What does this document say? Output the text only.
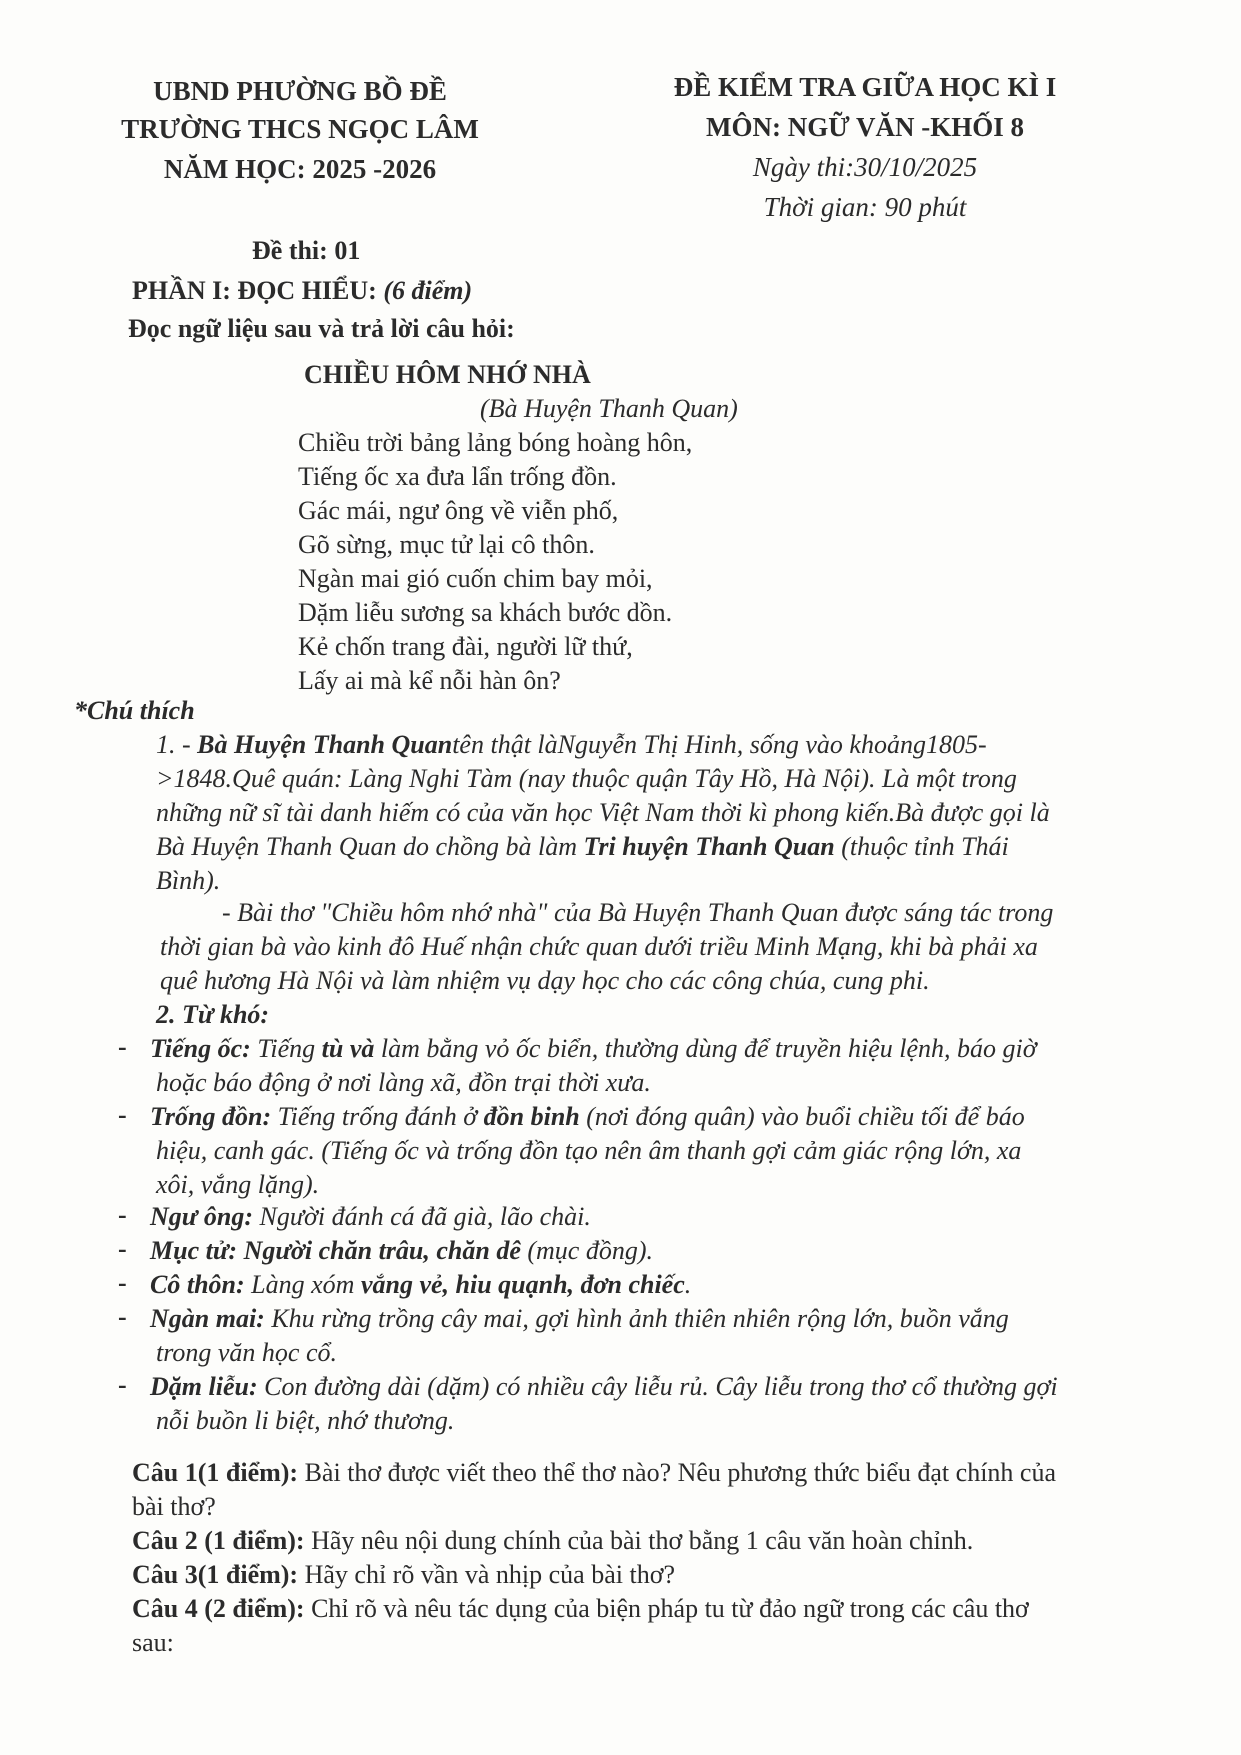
UBND PHƯỜNG BỒ ĐỀ
TRƯỜNG THCS NGỌC LÂM
NĂM HỌC: 2025 -2026
ĐỀ KIỂM TRA GIỮA HỌC KÌ I
MÔN: NGỮ VĂN -KHỐI 8
Ngày thi:30/10/2025
Thời gian: 90 phút
Đề thi: 01
PHẦN I: ĐỌC HIỂU: (6 điểm)
Đọc ngữ liệu sau và trả lời câu hỏi:
CHIỀU HÔM NHỚ NHÀ
(Bà Huyện Thanh Quan)
Chiều trời bảng lảng bóng hoàng hôn,
Tiếng ốc xa đưa lẩn trống đồn.
Gác mái, ngư ông về viễn phố,
Gõ sừng, mục tử lại cô thôn.
Ngàn mai gió cuốn chim bay mỏi,
Dặm liễu sương sa khách bước dồn.
Kẻ chốn trang đài, người lữ thứ,
Lấy ai mà kể nỗi hàn ôn?
*Chú thích
1. - Bà Huyện Thanh Quantên thật làNguyễn Thị Hinh, sống vào khoảng1805-
>1848.Quê quán: Làng Nghi Tàm (nay thuộc quận Tây Hồ, Hà Nội). Là một trong
những nữ sĩ tài danh hiếm có của văn học Việt Nam thời kì phong kiến.Bà được gọi là
Bà Huyện Thanh Quan do chồng bà làm Tri huyện Thanh Quan (thuộc tỉnh Thái
Bình).
- Bài thơ "Chiều hôm nhớ nhà" của Bà Huyện Thanh Quan được sáng tác trong
thời gian bà vào kinh đô Huế nhận chức quan dưới triều Minh Mạng, khi bà phải xa
quê hương Hà Nội và làm nhiệm vụ dạy học cho các công chúa, cung phi.
2. Từ khó:
- Tiếng ốc: Tiếng tù và làm bằng vỏ ốc biển, thường dùng để truyền hiệu lệnh, báo giờ
hoặc báo động ở nơi làng xã, đồn trại thời xưa.
- Trống đồn: Tiếng trống đánh ở đồn binh (nơi đóng quân) vào buổi chiều tối để báo
hiệu, canh gác. (Tiếng ốc và trống đồn tạo nên âm thanh gợi cảm giác rộng lớn, xa
xôi, vắng lặng).
- Ngư ông: Người đánh cá đã già, lão chài.
- Mục tử: Người chăn trâu, chăn dê (mục đồng).
- Cô thôn: Làng xóm vắng vẻ, hiu quạnh, đơn chiếc.
- Ngàn mai: Khu rừng trồng cây mai, gợi hình ảnh thiên nhiên rộng lớn, buồn vắng
trong văn học cổ.
- Dặm liễu: Con đường dài (dặm) có nhiều cây liễu rủ. Cây liễu trong thơ cổ thường gợi
nỗi buồn li biệt, nhớ thương.
Câu 1(1 điểm): Bài thơ được viết theo thể thơ nào? Nêu phương thức biểu đạt chính của
bài thơ?
Câu 2 (1 điểm): Hãy nêu nội dung chính của bài thơ bằng 1 câu văn hoàn chỉnh.
Câu 3(1 điểm): Hãy chỉ rõ vần và nhịp của bài thơ?
Câu 4 (2 điểm): Chỉ rõ và nêu tác dụng của biện pháp tu từ đảo ngữ trong các câu thơ
sau:
